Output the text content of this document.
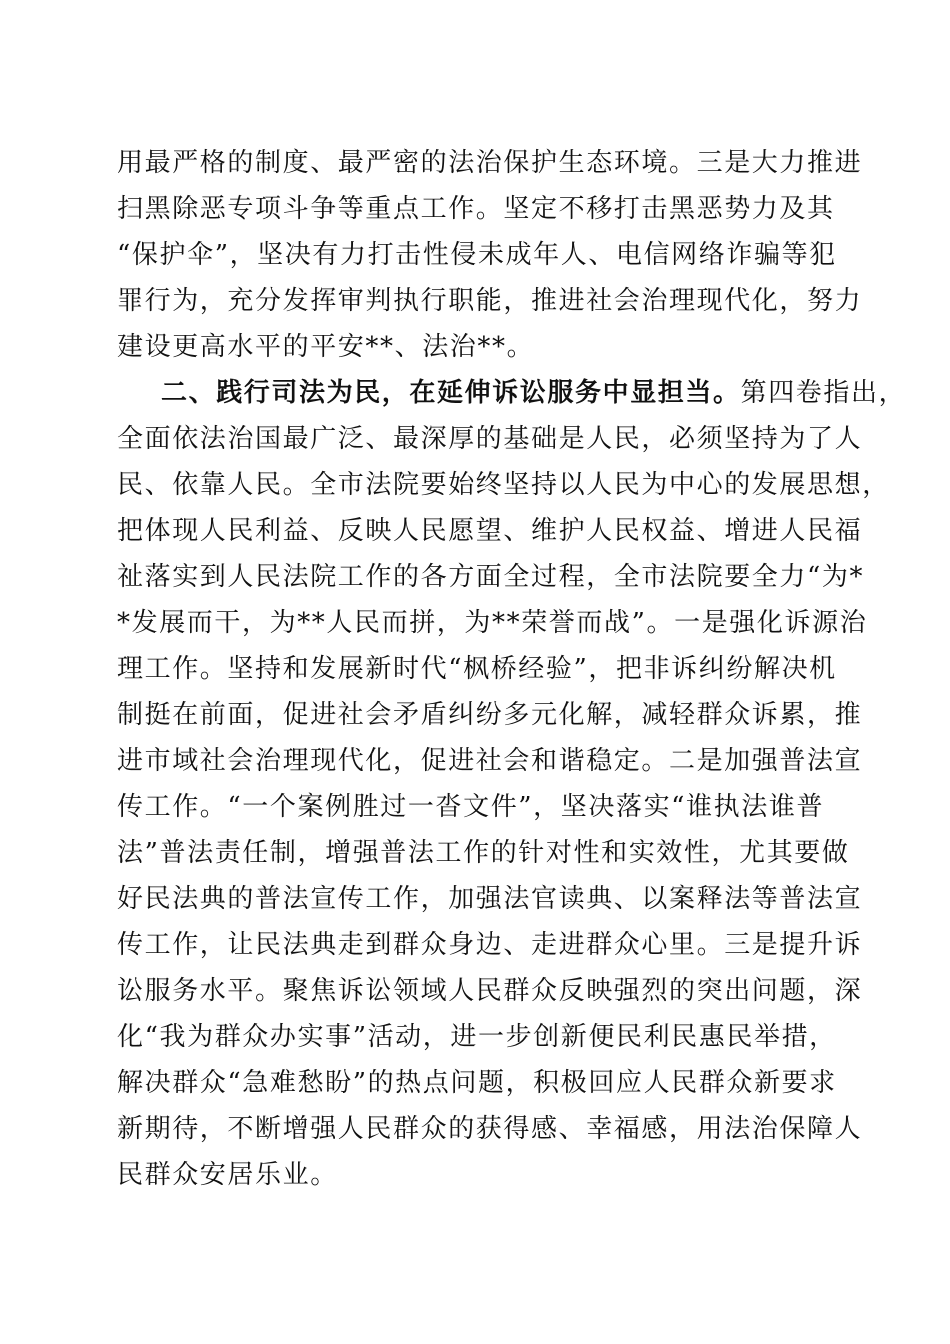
用最严格的制度、最严密的法治保护生态环境。三是大力推进
扫黑除恶专项斗争等重点工作。坚定不移打击黑恶势力及其
“保护伞”，坚决有力打击性侵未成年人、电信网络诈骗等犯
罪行为，充分发挥审判执行职能，推进社会治理现代化，努力
建设更高水平的平安**、法治**。
二、践行司法为民，在延伸诉讼服务中显担当。第四卷指出，
全面依法治国最广泛、最深厚的基础是人民，必须坚持为了人
民、依靠人民。全市法院要始终坚持以人民为中心的发展思想，
把体现人民利益、反映人民愿望、维护人民权益、增进人民福
祉落实到人民法院工作的各方面全过程，全市法院要全力“为*
*发展而干，为**人民而拼，为**荣誉而战”。一是强化诉源治
理工作。坚持和发展新时代“枫桥经验”，把非诉纠纷解决机
制挺在前面，促进社会矛盾纠纷多元化解，减轻群众诉累，推
进市域社会治理现代化，促进社会和谐稳定。二是加强普法宣
传工作。“一个案例胜过一沓文件”，坚决落实“谁执法谁普
法”普法责任制，增强普法工作的针对性和实效性，尤其要做
好民法典的普法宣传工作，加强法官读典、以案释法等普法宣
传工作，让民法典走到群众身边、走进群众心里。三是提升诉
讼服务水平。聚焦诉讼领域人民群众反映强烈的突出问题，深
化“我为群众办实事”活动，进一步创新便民利民惠民举措，
解决群众“急难愁盼”的热点问题，积极回应人民群众新要求
新期待，不断增强人民群众的获得感、幸福感，用法治保障人
民群众安居乐业。
